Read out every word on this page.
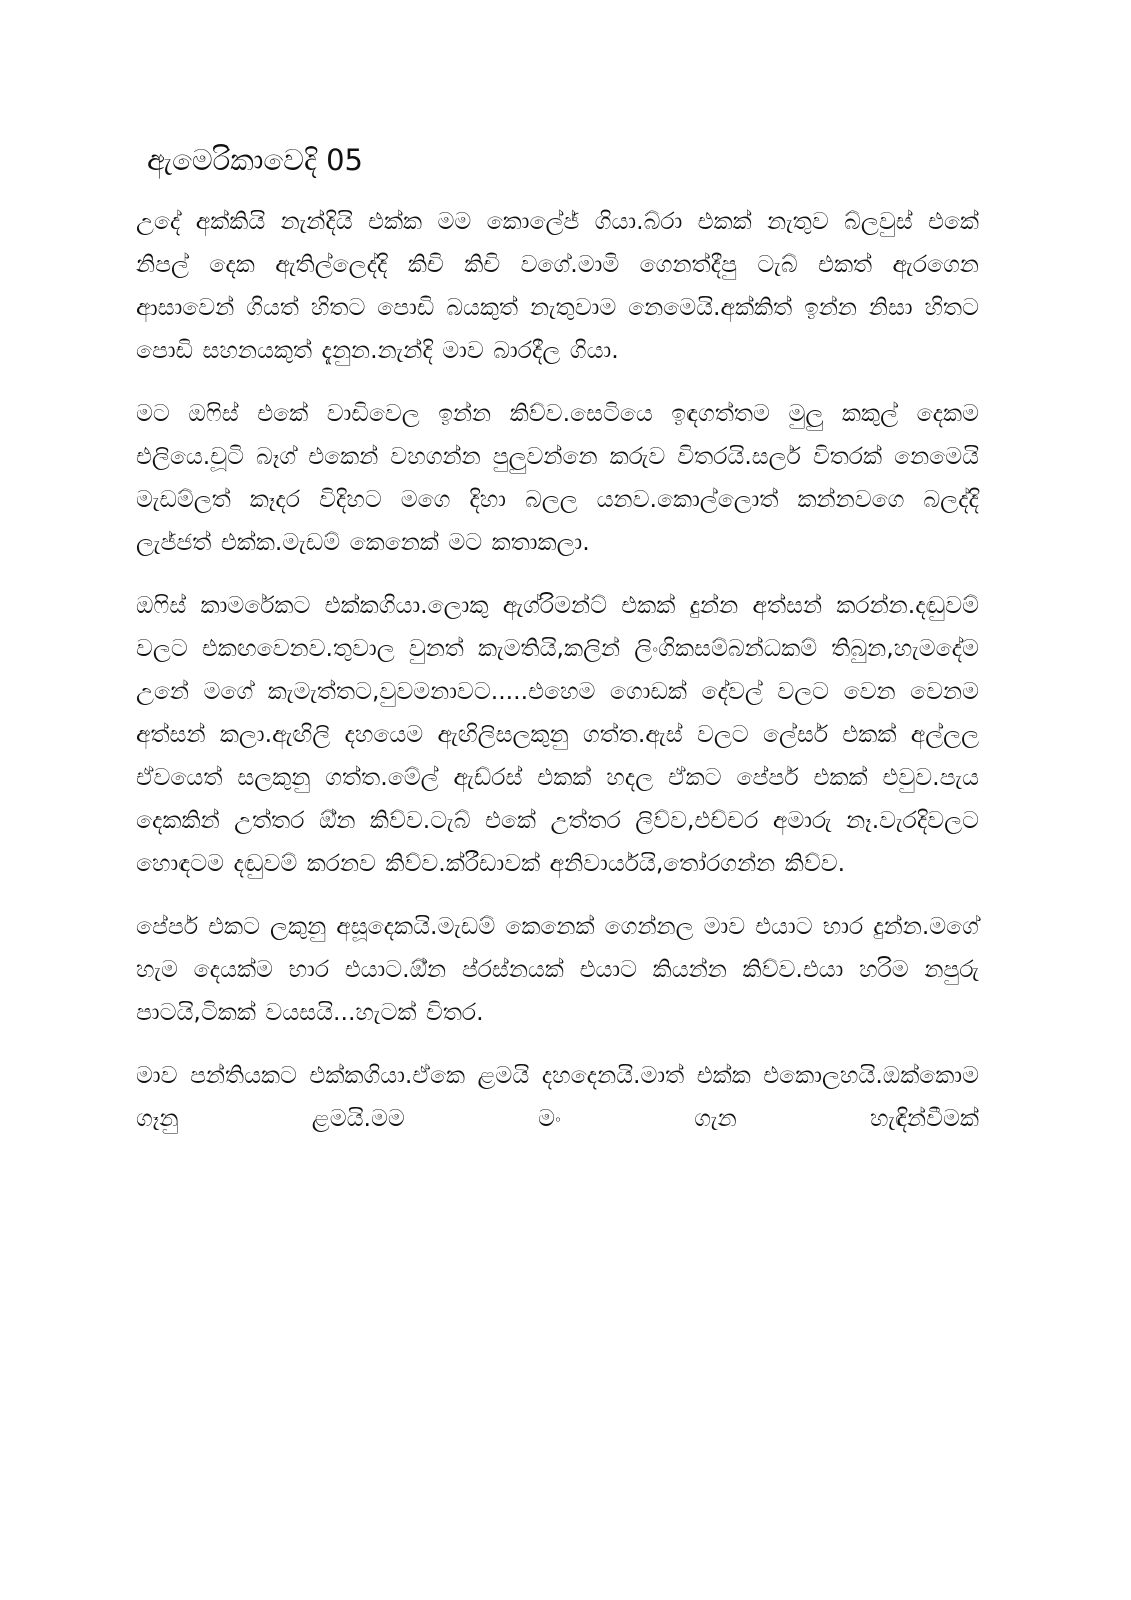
ඇමෙරිකාවෙදි 05

උදේ අක්කියි නැන්දියි එක්ක මම කොලේජ් ගියා.බ්රා එකක් නැතුව බ්ලවුස් එකේ නිපල් දෙක ඇතිල්ලෙද්දි කිචි කිචි වගේ.මාමි ගෙනත්දීපු ටැබ් එකත් ඇරගෙන ආසාවෙන් ගියත් හිතට පොඩි බයකුත් නැතුවාම නෙමෙයි.අක්කිත් ඉන්න නිසා හිතට පොඩි සහනයකුත් දැනුන.නැන්දි මාව බාරදීල ගියා.

මට ඔෆිස් එකේ වාඩිවෙල ඉන්න කිව්ව.සෙටියෙ ඉඳගත්තම මුලු කකුල් දෙකම එලියෙ.චූටි බෑග් එකෙන් වහගන්න පුලුවන්නෙ කරුව විතරයි.සර්ල විතරක් නෙමෙයි මැඩම්ලත් කෑදර විදිහට මගෙ දිහා බලල යනව.කොල්ලොත් කන්නවගෙ බලද්දි ලැජ්ජත් එක්ක.මැඩම් කෙනෙක් මට කතාකලා.

ඔෆිස් කාමරේකට එක්කගියා.ලොකු ඇග්රිමන්ට් එකක් දුන්න අත්සන් කරන්න.දඬුවම් වලට එකඟවෙනව.තුවාල වුනත් කැමතියි,කලින් ලිංගිකසම්බන්ධකම් තිබුන,හැමදේම උනේ මගේ කැමැත්තට,වුවමනාවට.....එහෙම ගොඩක් දේවල් වලට වෙන වෙනම අත්සන් කලා.ඇඟිලි දහයෙම ඇඟිලිසලකුනු ගත්ත.ඇස් වලට ලේසර් එකක් අල්ලල ඒවයෙත් සලකුනු ගත්ත.මේල් ඇඩ්රස් එකක් හදල ඒකට පේපර් එකක් එවුව.පැය දෙකකින් උත්තර ඕ්න කිව්ව.ටැබ් එකේ උත්තර ලිව්ව,එච්චර අමාරු නෑ.වැරදිවලට හොඳටම දඬුවම් කරනව කිව්ව.ක්රීඩාවක් අනිවාර්යයි,තෝරගන්න කිව්ව.

පේපර් එකට ලකුනු අසූදෙකයි.මැඩම් කෙනෙක් ගෙන්නල මාව එයාට භාර දුන්න.මගේ හැම දෙයක්ම භාර එයාට.ඕ්න ප්රස්නයක් එයාට කියන්න කිව්ව.එයා හරිම නපුරු පාටයි,ටිකක් වයසයි...හැටක් විතර.

මාව පන්තියකට එක්කගියා.ඒකෙ ළමයි දහදෙනයි.මාත් එක්ක එකොලහයි.ඔක්කොම ගෑනු ළමයි.මම මං ගැන හැඳින්වීමක්
